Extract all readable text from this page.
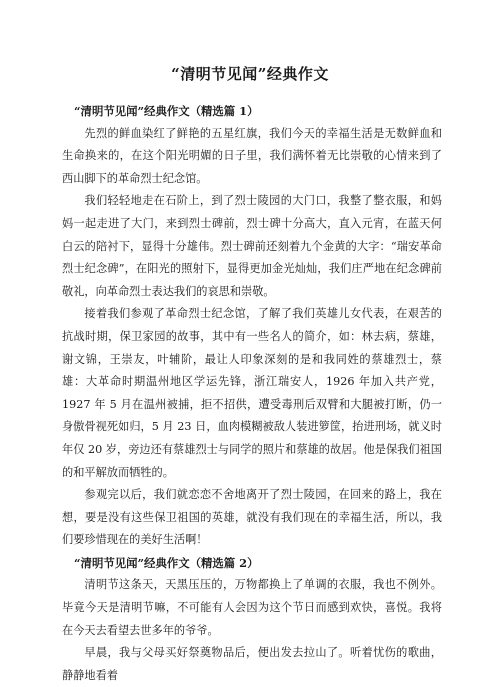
“清明节见闻”经典作文

“清明节见闻”经典作文（精选篇 1）

先烈的鲜血染红了鲜艳的五星红旗，我们今天的幸福生活是无数鲜血和生命换来的，在这个阳光明媚的日子里，我们满怀着无比崇敬的心情来到了西山脚下的革命烈士纪念馆。

我们轻轻地走在石阶上，到了烈士陵园的大门口，我整了整衣服，和妈妈一起走进了大门，来到烈士碑前，烈士碑十分高大，直入元宵，在蓝天何白云的陪衬下，显得十分雄伟。烈士碑前还刻着九个金黄的大字：“瑞安革命烈士纪念碑”，在阳光的照射下，显得更加金光灿灿，我们庄严地在纪念碑前敬礼，向革命烈士表达我们的哀思和崇敬。

接着我们参观了革命烈士纪念馆，了解了我们英雄儿女代表，在艰苦的抗战时期，保卫家园的故事，其中有一些名人的简介，如：林去病，蔡雄，谢文锦，王崇友，叶辅阶，最让人印象深刻的是和我同姓的蔡雄烈士，蔡雄：大革命时期温州地区学运先锋，浙江瑞安人，1926 年加入共产党，1927 年 5 月在温州被捕，拒不招供，遭受毒刑后双臂和大腿被打断，仍一身傲骨视死如归，5 月 23 日，血肉模糊被敌人装进箩筐，抬进刑场，就义时年仅 20 岁，旁边还有蔡雄烈士与同学的照片和蔡雄的故居。他是保我们祖国的和平解放而牺牲的。

参观完以后，我们就恋恋不舍地离开了烈士陵园，在回来的路上，我在想，要是没有这些保卫祖国的英雄，就没有我们现在的幸福生活，所以，我们要珍惜现在的美好生活啊！

“清明节见闻”经典作文（精选篇 2）

清明节这条天，天黑压压的，万物都换上了单调的衣服，我也不例外。毕竟今天是清明节嘛，不可能有人会因为这个节日而感到欢快，喜悦。我将在今天去看望去世多年的爷爷。

早晨，我与父母买好祭奠物品后，便出发去拉山了。听着忧伤的歌曲，静静地看着
